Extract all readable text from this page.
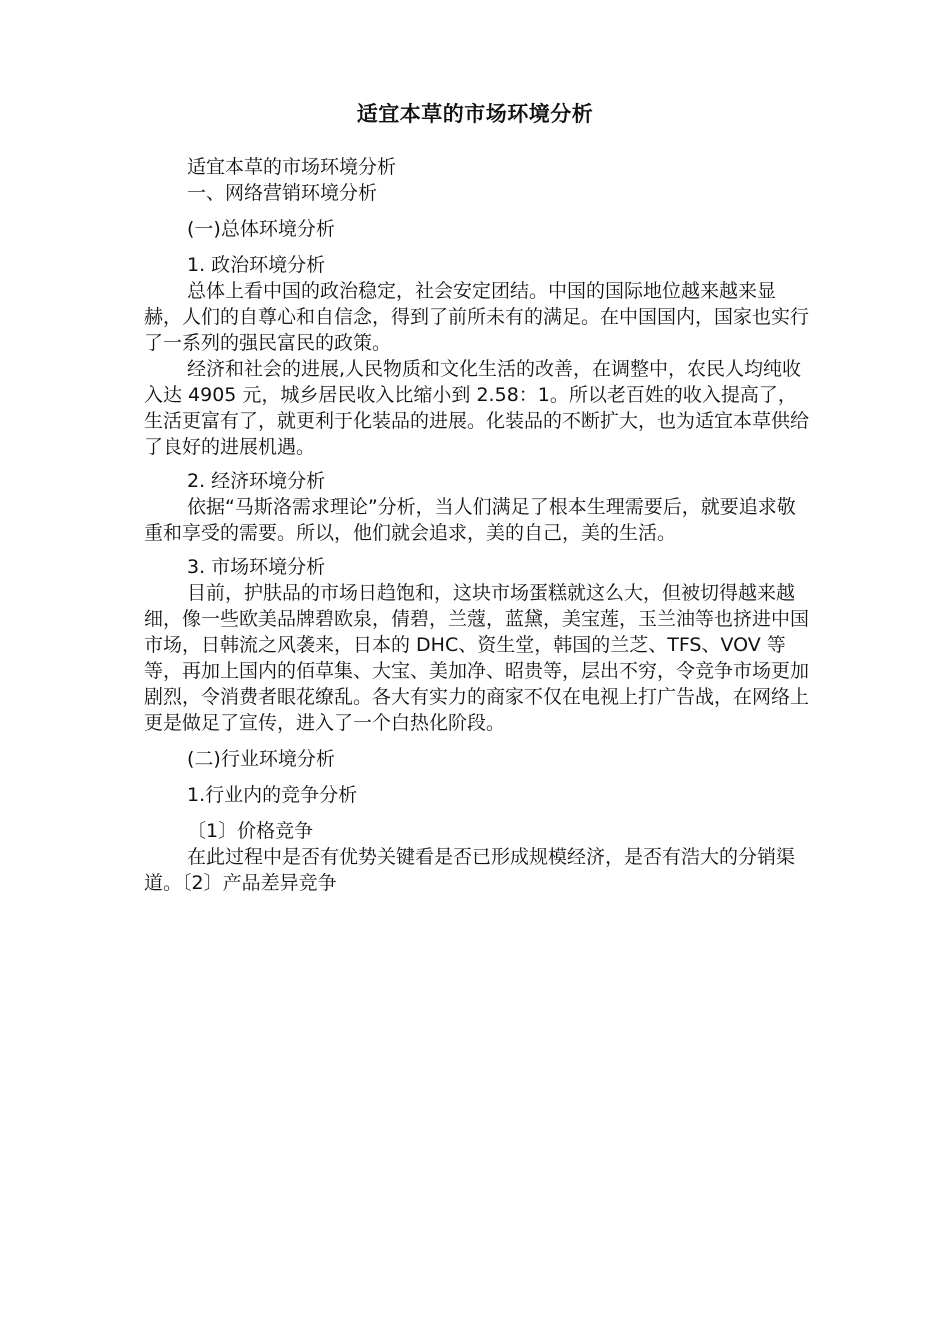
适宜本草的市场环境分析

适宜本草的市场环境分析

一、网络营销环境分析

(一)总体环境分析

1. 政治环境分析

总体上看中国的政治稳定，社会安定团结。中国的国际地位越来越来显赫，人们的自尊心和自信念，得到了前所未有的满足。在中国国内，国家也实行了一系列的强民富民的政策。

经济和社会的进展,人民物质和文化生活的改善，在调整中，农民人均纯收入达 4905 元，城乡居民收入比缩小到 2.58：1。所以老百姓的收入提高了，生活更富有了，就更利于化装品的进展。化装品的不断扩大，也为适宜本草供给了良好的进展机遇。

2. 经济环境分析

依据“马斯洛需求理论”分析，当人们满足了根本生理需要后，就要追求敬重和享受的需要。所以，他们就会追求，美的自己，美的生活。

3. 市场环境分析

目前，护肤品的市场日趋饱和，这块市场蛋糕就这么大，但被切得越来越细，像一些欧美品牌碧欧泉，倩碧，兰蔻，蓝黛，美宝莲，玉兰油等也挤进中国市场，日韩流之风袭来，日本的 DHC、资生堂，韩国的兰芝、TFS、VOV 等等，再加上国内的佰草集、大宝、美加净、昭贵等，层出不穷，令竞争市场更加剧烈，令消费者眼花缭乱。各大有实力的商家不仅在电视上打广告战，在网络上更是做足了宣传，进入了一个白热化阶段。

(二)行业环境分析

1.行业内的竞争分析

〔1〕价格竞争

在此过程中是否有优势关键看是否已形成规模经济，是否有浩大的分销渠道。〔2〕产品差异竞争
